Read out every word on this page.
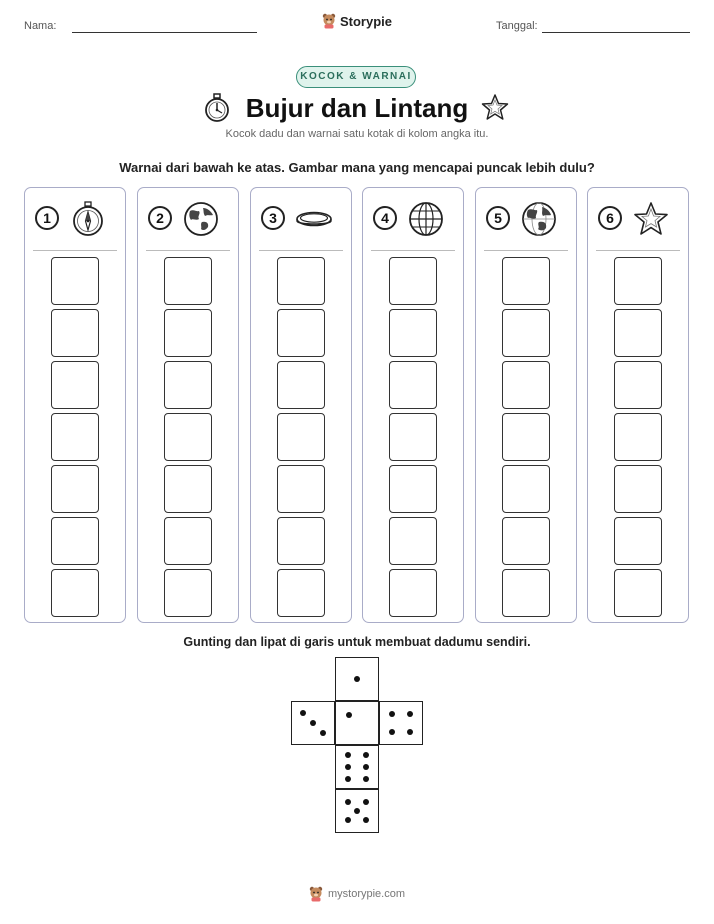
Nama:	Storypie	Tanggal:
KOCOK & WARNAI
Bujur dan Lintang
Kocok dadu dan warnai satu kotak di kolom angka itu.
Warnai dari bawah ke atas. Gambar mana yang mencapai puncak lebih dulu?
1	2	3	4	5	6
Gunting dan lipat di garis untuk membuat dadumu sendiri.
mystorypie.com
